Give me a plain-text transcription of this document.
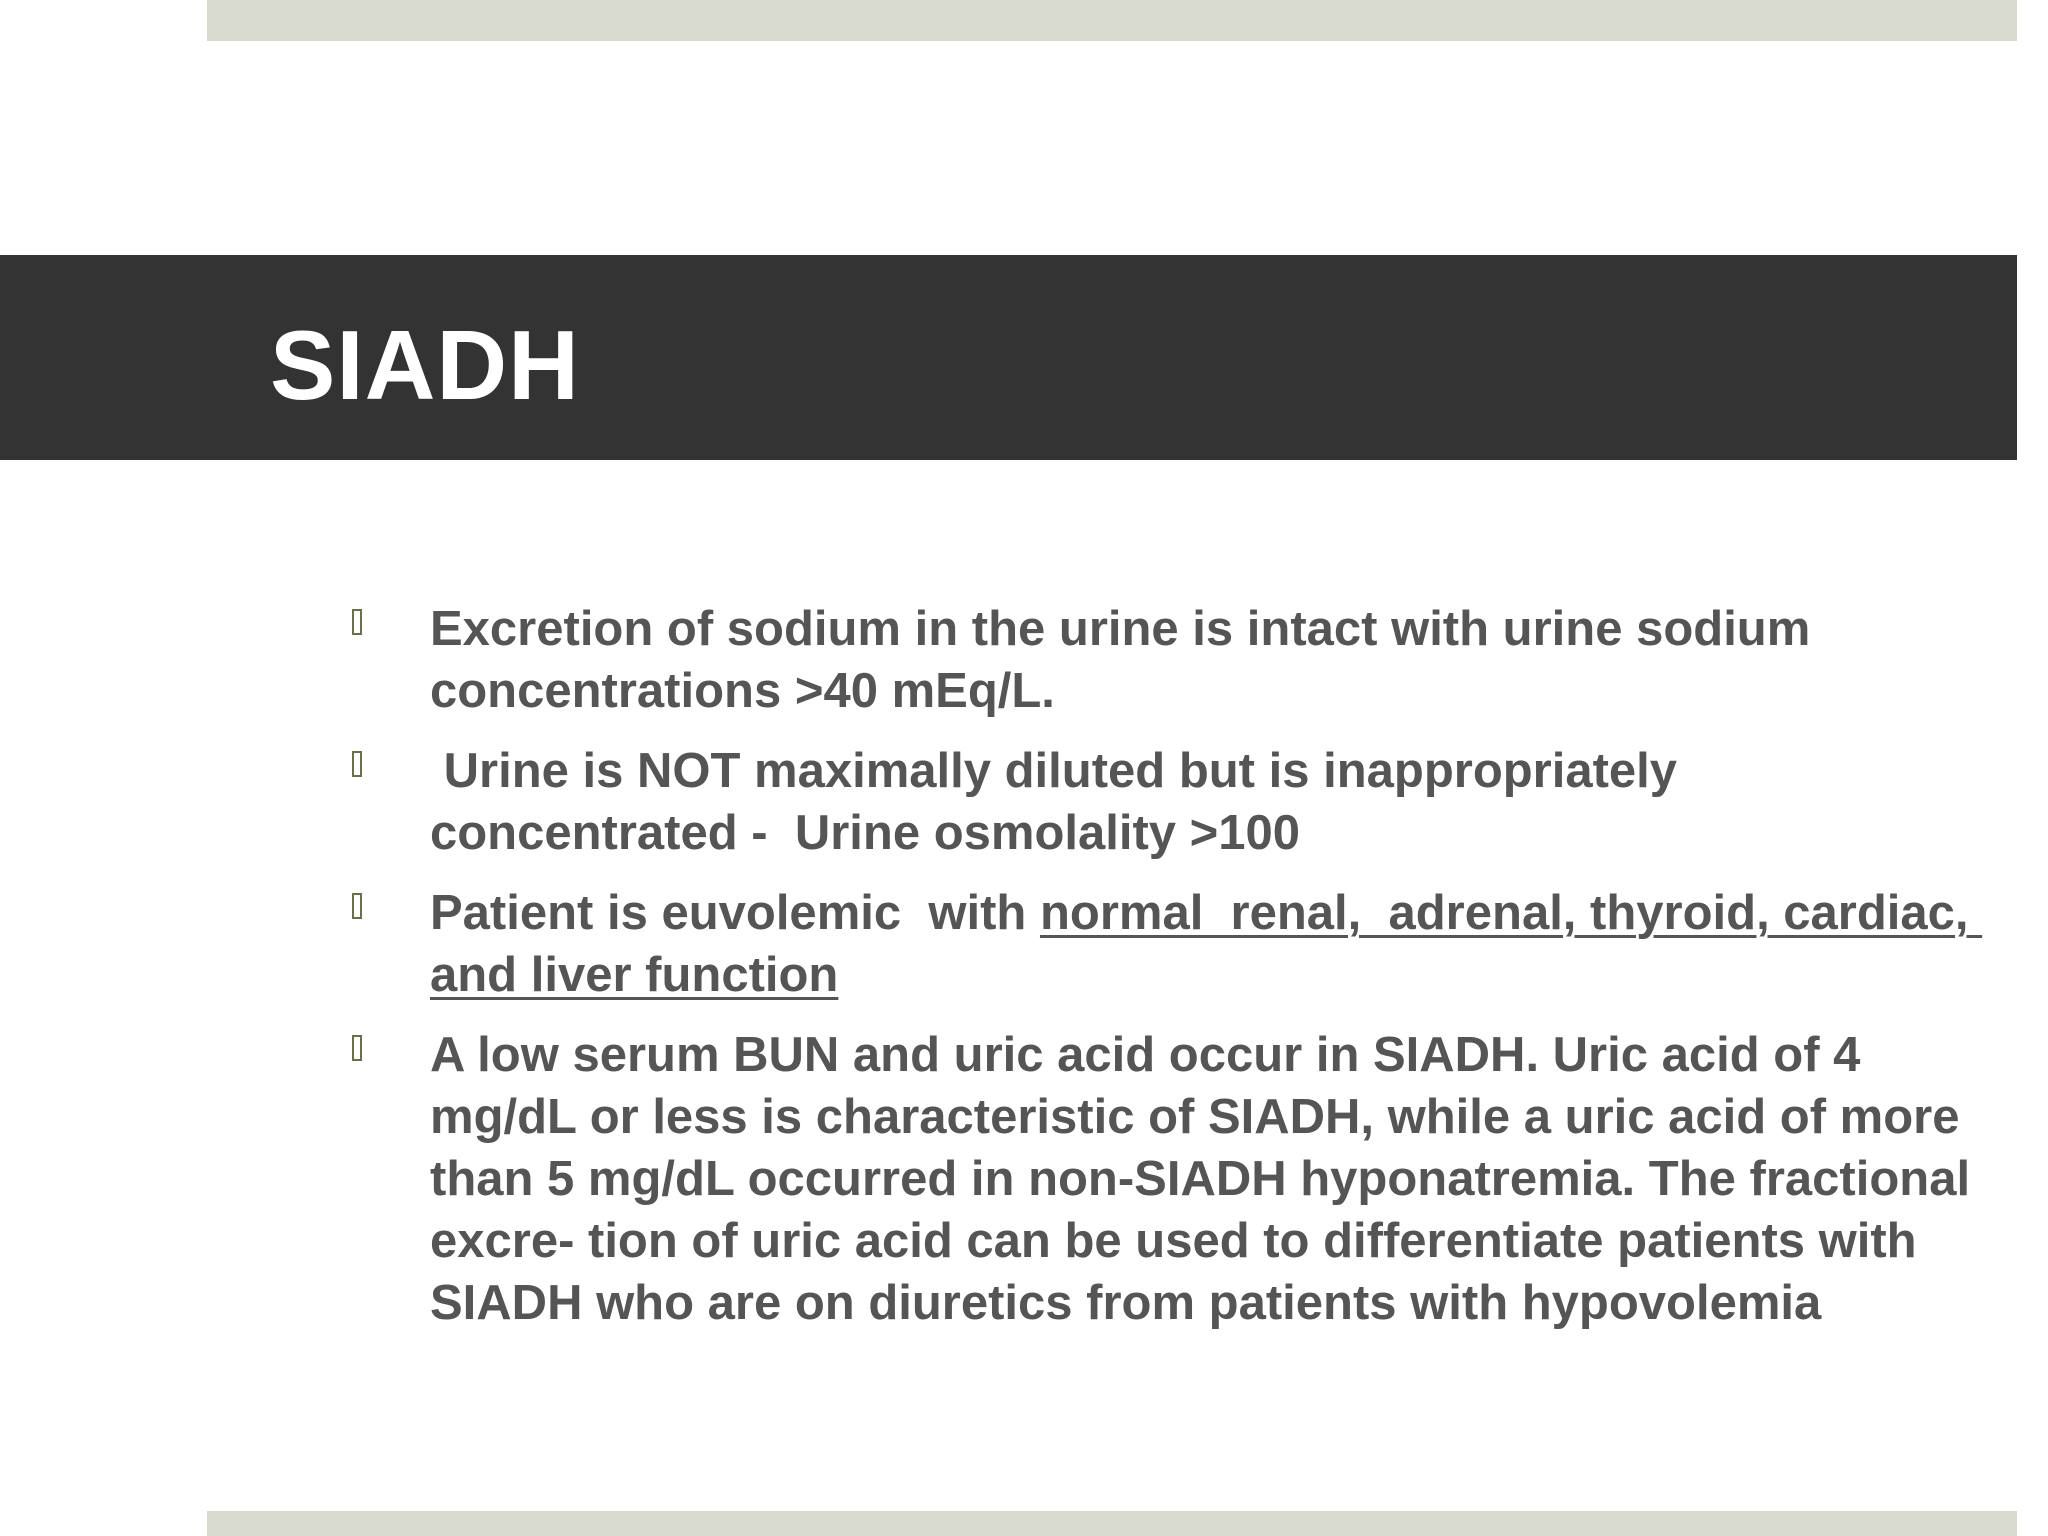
SIADH
Excretion of sodium in the urine is intact with urine sodium concentrations >40 mEq/L.
Urine is NOT maximally diluted but is inappropriately concentrated -  Urine osmolality >100
Patient is euvolemic  with normal  renal,  adrenal, thyroid, cardiac, and liver function
A low serum BUN and uric acid occur in SIADH. Uric acid of 4 mg/dL or less is characteristic of SIADH, while a uric acid of more than 5 mg/dL occurred in non-SIADH hyponatremia. The fractional excre- tion of uric acid can be used to differentiate patients with SIADH who are on diuretics from patients with hypovolemia
